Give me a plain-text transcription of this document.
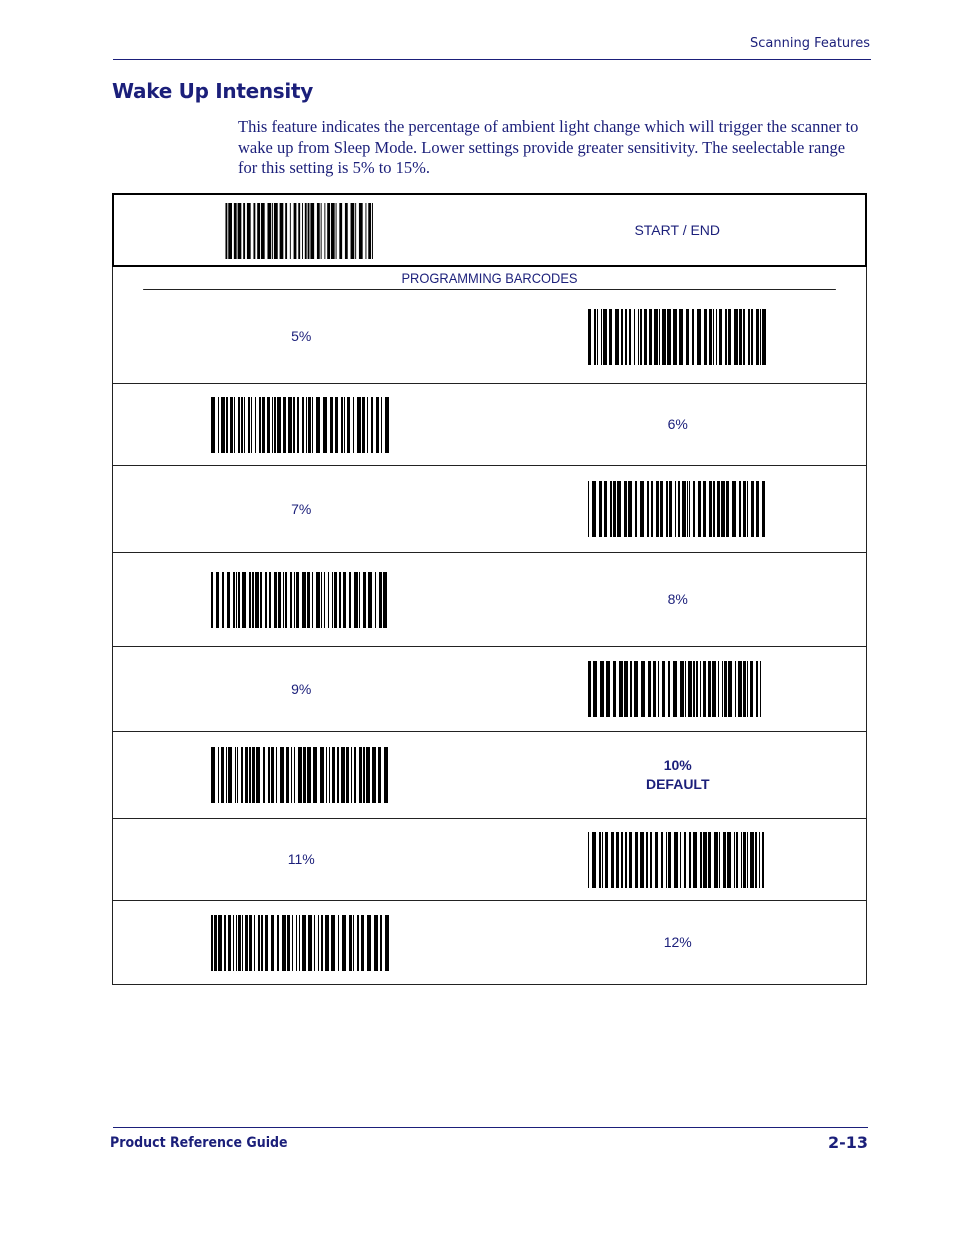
Scanning Features
Wake Up Intensity
This feature indicates the percentage of ambient light change which will trigger the scanner to wake up from Sleep Mode. Lower settings provide greater sensitivity. The seelectable range for this setting is 5% to 15%.
START / END
PROGRAMMING BARCODES
5%
6%
7%
8%
9%
10%
DEFAULT
11%
12%
Product Reference Guide	2-13
